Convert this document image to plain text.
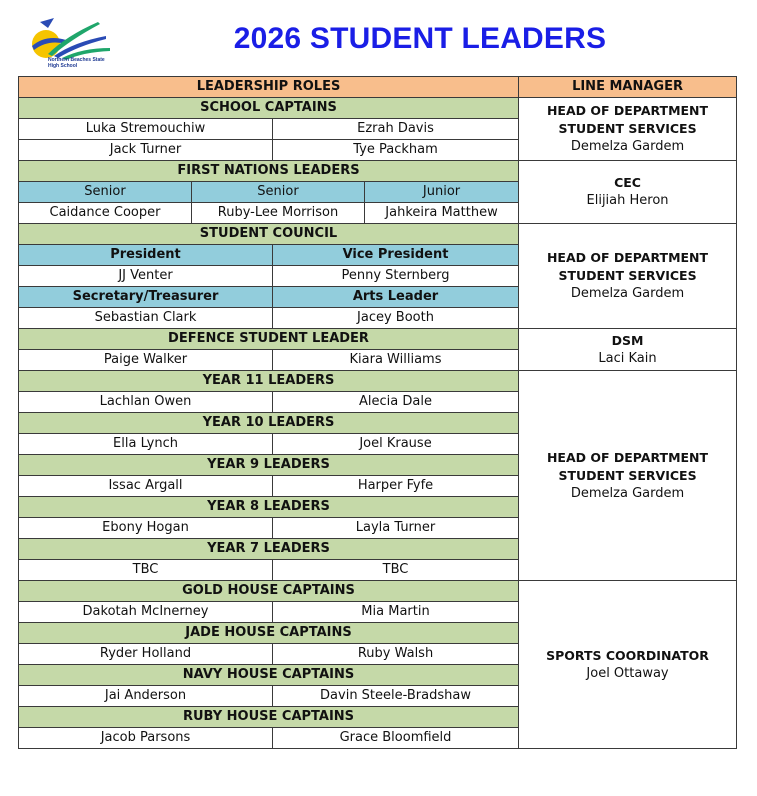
Northern Beaches State High School
2026 STUDENT LEADERS
LEADERSHIP ROLES				LINE MANAGER
SCHOOL CAPTAINS				HEAD OF DEPARTMENT
STUDENT SERVICES
Demelza Gardem

Luka Stremouchiw		Ezrah Davis		
Jack Turner		Tye Packham		
FIRST NATIONS LEADERS				CEC
Elijiah Heron

Senior	Senior		Junior	
Caidance Cooper	Ruby-Lee Morrison		Jahkeira Matthew	
STUDENT COUNCIL				HEAD OF DEPARTMENT
STUDENT SERVICES
Demelza Gardem

President		Vice President		
JJ Venter		Penny Sternberg		
Secretary/Treasurer		Arts Leader		
Sebastian Clark		Jacey Booth		
DEFENCE STUDENT LEADER				DSM
Laci Kain

Paige Walker		Kiara Williams		
YEAR 11 LEADERS				HEAD OF DEPARTMENT
STUDENT SERVICES
Demelza Gardem

Lachlan Owen		Alecia Dale		
YEAR 10 LEADERS				
Ella Lynch		Joel Krause		
YEAR 9 LEADERS				
Issac Argall		Harper Fyfe		
YEAR 8 LEADERS				
Ebony Hogan		Layla Turner		
YEAR 7 LEADERS				
TBC		TBC		
GOLD HOUSE CAPTAINS				SPORTS COORDINATOR
Joel Ottaway

Dakotah McInerney		Mia Martin		
JADE HOUSE CAPTAINS				
Ryder Holland		Ruby Walsh		
NAVY HOUSE CAPTAINS				
Jai Anderson		Davin Steele-Bradshaw		
RUBY HOUSE CAPTAINS				
Jacob Parsons		Grace Bloomfield		
